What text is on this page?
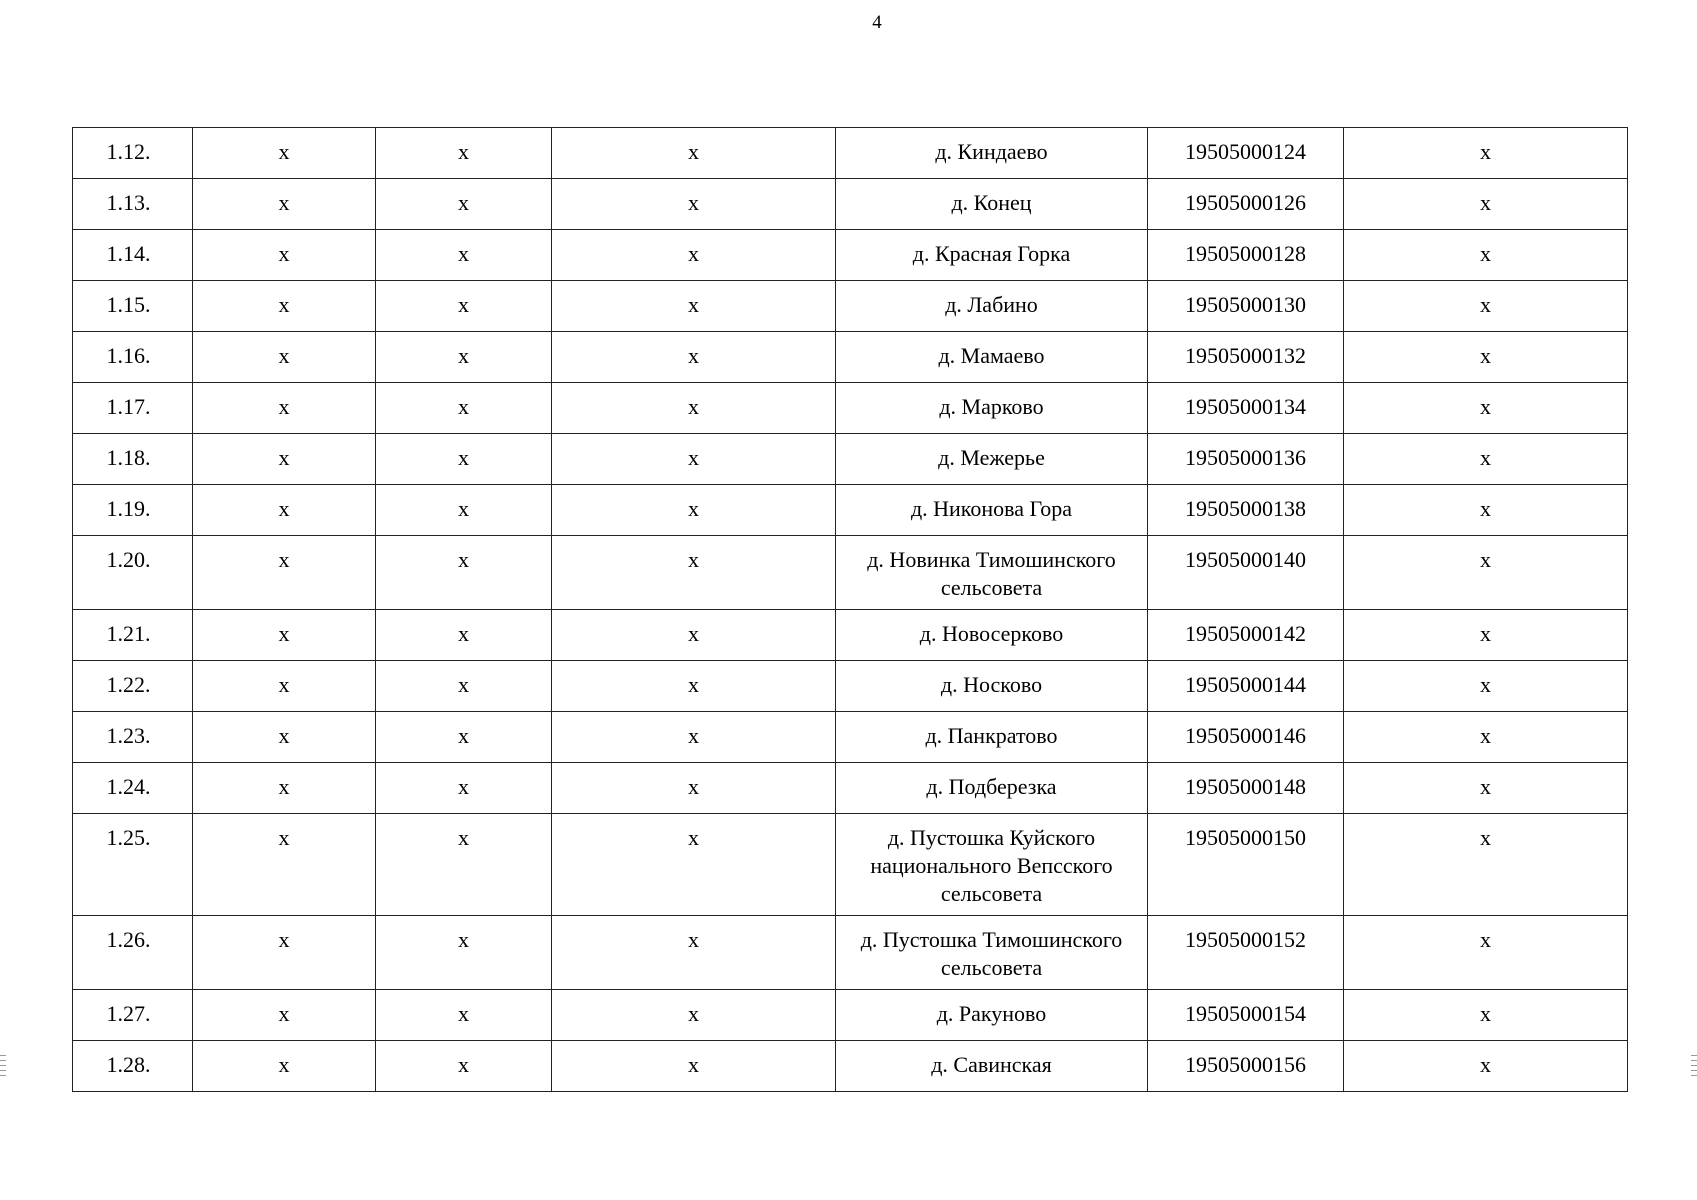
4
1.12.	x	x	x	д. Киндаево	19505000124	x
1.13.	x	x	x	д. Конец	19505000126	x
1.14.	x	x	x	д. Красная Горка	19505000128	x
1.15.	x	x	x	д. Лабино	19505000130	x
1.16.	x	x	x	д. Мамаево	19505000132	x
1.17.	x	x	x	д. Марково	19505000134	x
1.18.	x	x	x	д. Межерье	19505000136	x
1.19.	x	x	x	д. Никонова Гора	19505000138	x
1.20.	x	x	x	д. Новинка Тимошинского сельсовета	19505000140	x
1.21.	x	x	x	д. Новосерково	19505000142	x
1.22.	x	x	x	д. Носково	19505000144	x
1.23.	x	x	x	д. Панкратово	19505000146	x
1.24.	x	x	x	д. Подберезка	19505000148	x
1.25.	x	x	x	д. Пустошка Куйского национального Вепсского сельсовета	19505000150	x
1.26.	x	x	x	д. Пустошка Тимошинского сельсовета	19505000152	x
1.27.	x	x	x	д. Ракуново	19505000154	x
1.28.	x	x	x	д. Савинская	19505000156	x
